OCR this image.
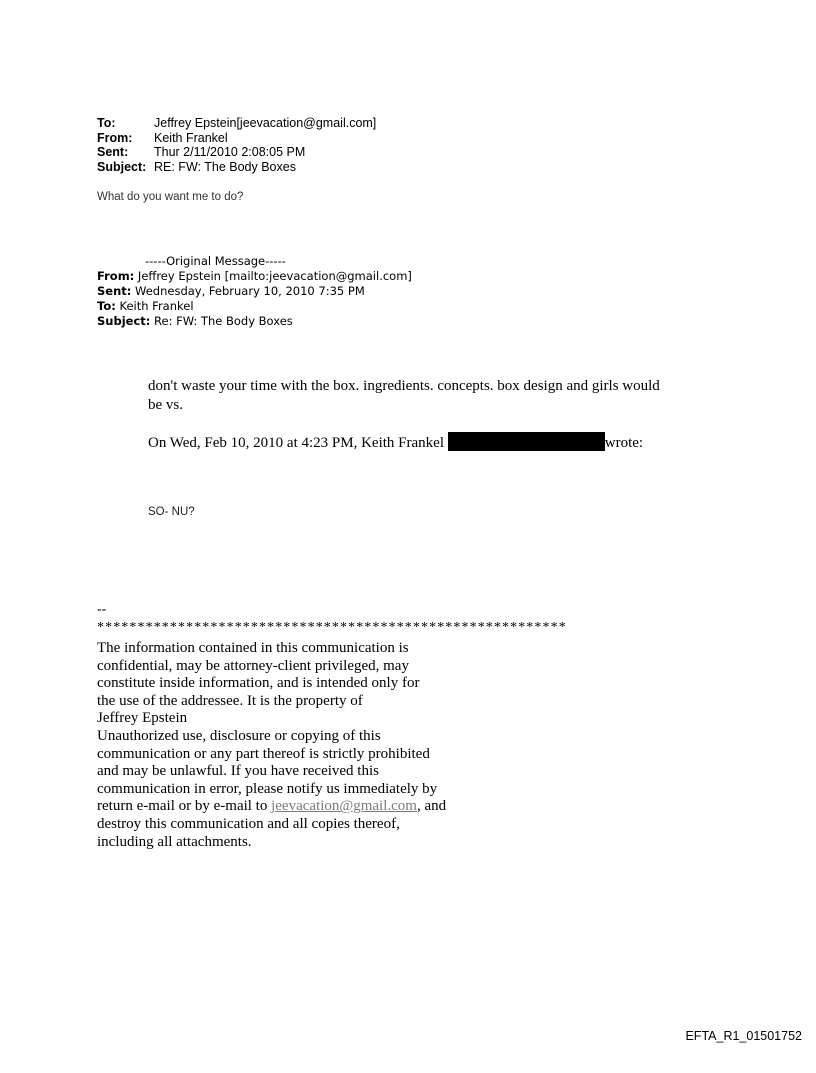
To:	Jeffrey Epstein[jeevacation@gmail.com]
From:	Keith Frankel
Sent:	Thur 2/11/2010 2:08:05 PM
Subject: RE: FW: The Body Boxes
What do you want me to do?
-----Original Message-----
From: Jeffrey Epstein [mailto:jeevacation@gmail.com]
Sent: Wednesday, February 10, 2010 7:35 PM
To: Keith Frankel
Subject: Re: FW: The Body Boxes
don't waste your time with the box. ingredients. concepts. box design and girls would
be vs.
On Wed, Feb 10, 2010 at 4:23 PM, Keith Frankel	wrote:
SO- NU?
--
**********************************************************
The information contained in this communication is
confidential, may be attorney-client privileged, may
constitute inside information, and is intended only for
the use of the addressee. It is the property of
Jeffrey Epstein
Unauthorized use, disclosure or copying of this
communication or any part thereof is strictly prohibited
and may be unlawful. If you have received this
communication in error, please notify us immediately by
return e-mail or by e-mail to jeevacation@gmail.com, and
destroy this communication and all copies thereof,
including all attachments.
EFTA_R1_01501752
